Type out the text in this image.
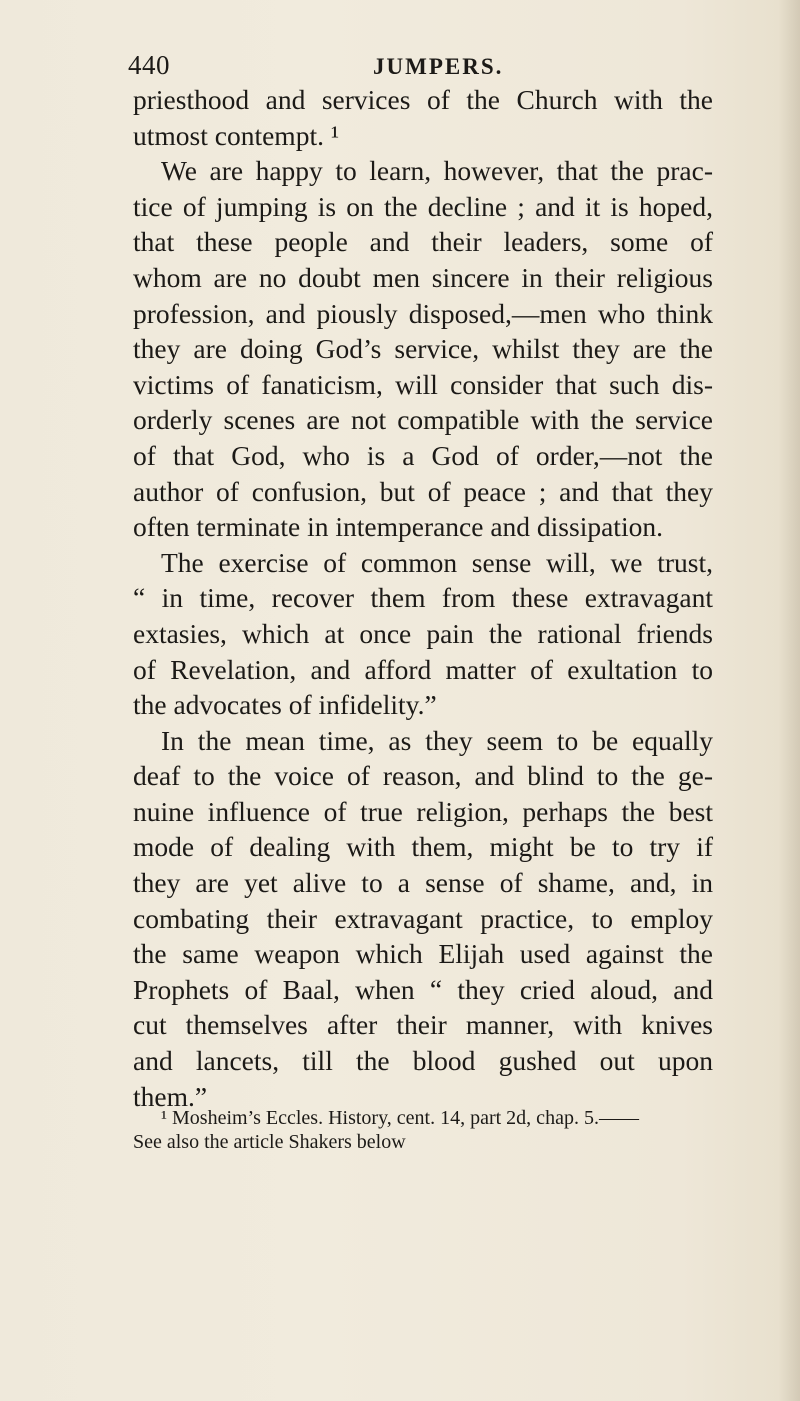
440	JUMPERS.
priesthood and services of the Church with the
utmost contempt. ¹
We are happy to learn, however, that the prac-
tice of jumping is on the decline ; and it is hoped,
that these people and their leaders, some of
whom are no doubt men sincere in their religious
profession, and piously disposed,—men who think
they are doing God’s service, whilst they are the
victims of fanaticism, will consider that such dis-
orderly scenes are not compatible with the service
of that God, who is a God of order,—not the
author of confusion, but of peace ; and that they
often terminate in intemperance and dissipation.
The exercise of common sense will, we trust,
“ in time, recover them from these extravagant
extasies, which at once pain the rational friends
of Revelation, and afford matter of exultation to
the advocates of infidelity.”
In the mean time, as they seem to be equally
deaf to the voice of reason, and blind to the ge-
nuine influence of true religion, perhaps the best
mode of dealing with them, might be to try if
they are yet alive to a sense of shame, and, in
combating their extravagant practice, to employ
the same weapon which Elijah used against the
Prophets of Baal, when “ they cried aloud, and
cut themselves after their manner, with knives
and lancets, till the blood gushed out upon
them.”
¹ Mosheim’s Eccles. History, cent. 14, part 2d, chap. 5.——
See also the article Shakers below
